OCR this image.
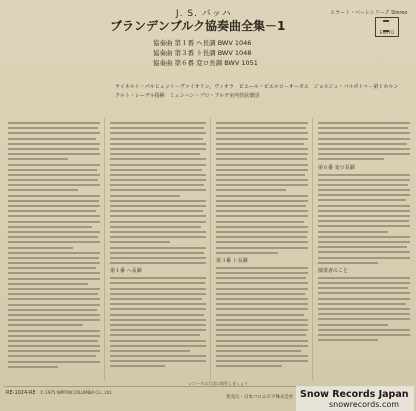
J. S. バッハ
ブランデンブルク協奏曲全集－1
エラート・ベーレシリーズ Stereo
ERATO
協奏曲 第１番 ヘ長調 BWV 1046
協奏曲 第３番 ト長調 BWV 1048
協奏曲 第６番 変ロ長調 BWV 1051
ライネルト・パルヒェット－ヴァイオリン，ヴィオラ　ピエール・ピエルロ－オーボエ　ジョルジュ・バルボトゥ－第１ホルン
クルト・レーデル指揮　ミュンヘン・プロ・アルテ室内管弦楽団
第１番 ヘ長調
第３番 ト長調
第６番 変ロ長調
演奏者のこと
RE-1024-RE © 1975 NIPPON COLUMBIA Co., Ltd.
レコードは大切に保管しましょう
発売元・日本コロムビア株式会社 Snow Records Japan
snowrecords.com
